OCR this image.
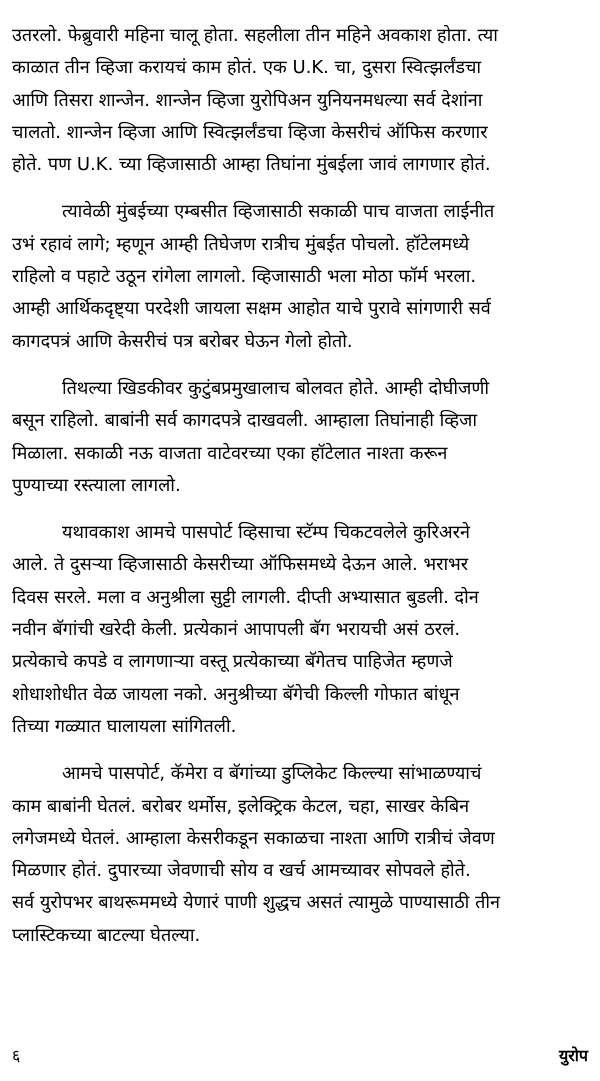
उतरलो. फेब्रुवारी महिना चालू होता. सहलीला तीन महिने अवकाश होता. त्या
काळात तीन व्हिजा करायचं काम होतं. एक U.K. चा, दुसरा स्वित्झर्लंडचा
आणि तिसरा शान्जेन. शान्जेन व्हिजा युरोपिअन युनियनमधल्या सर्व देशांना
चालतो. शान्जेन व्हिजा आणि स्वित्झर्लंडचा व्हिजा केसरीचं ऑफिस करणार
होते. पण U.K. च्या व्हिजासाठी आम्हा तिघांना मुंबईला जावं लागणार होतं.

त्यावेळी मुंबईच्या एम्बसीत व्हिजासाठी सकाळी पाच वाजता लाईनीत
उभं रहावं लागे; म्हणून आम्ही तिघेजण रात्रीच मुंबईत पोचलो. हॉटेलमध्ये
राहिलो व पहाटे उठून रांगेला लागलो. व्हिजासाठी भला मोठा फॉर्म भरला.
आम्ही आर्थिकदृष्ट्या परदेशी जायला सक्षम आहोत याचे पुरावे सांगणारी सर्व
कागदपत्रं आणि केसरीचं पत्र बरोबर घेऊन गेलो होतो.

तिथल्या खिडकीवर कुटुंबप्रमुखालाच बोलवत होते. आम्ही दोघीजणी
बसून राहिलो. बाबांनी सर्व कागदपत्रे दाखवली. आम्हाला तिघांनाही व्हिजा
मिळाला. सकाळी नऊ वाजता वाटेवरच्या एका हॉटेलात नाश्ता करून
पुण्याच्या रस्त्याला लागलो.

यथावकाश आमचे पासपोर्ट व्हिसाचा स्टॅम्प चिकटवलेले कुरिअरने
आले. ते दुसऱ्या व्हिजासाठी केसरीच्या ऑफिसमध्ये देऊन आले. भराभर
दिवस सरले. मला व अनुश्रीला सुट्टी लागली. दीप्ती अभ्यासात बुडली. दोन
नवीन बॅगांची खरेदी केली. प्रत्येकानं आपापली बॅग भरायची असं ठरलं.
प्रत्येकाचे कपडे व लागणाऱ्या वस्तू प्रत्येकाच्या बॅगेतच पाहिजेत म्हणजे
शोधाशोधीत वेळ जायला नको. अनुश्रीच्या बॅगेची किल्ली गोफात बांधून
तिच्या गळ्यात घालायला सांगितली.

आमचे पासपोर्ट, कॅमेरा व बॅगांच्या डुप्लिकेट किल्ल्या सांभाळण्याचं
काम बाबांनी घेतलं. बरोबर थर्मोस, इलेक्ट्रिक केटल, चहा, साखर केबिन
लगेजमध्ये घेतलं. आम्हाला केसरीकडून सकाळचा नाश्ता आणि रात्रीचं जेवण
मिळणार होतं. दुपारच्या जेवणाची सोय व खर्च आमच्यावर सोपवले होते.
सर्व युरोपभर बाथरूममध्ये येणारं पाणी शुद्धच असतं त्यामुळे पाण्यासाठी तीन
प्लास्टिकच्या बाटल्या घेतल्या.

६	युरोप
